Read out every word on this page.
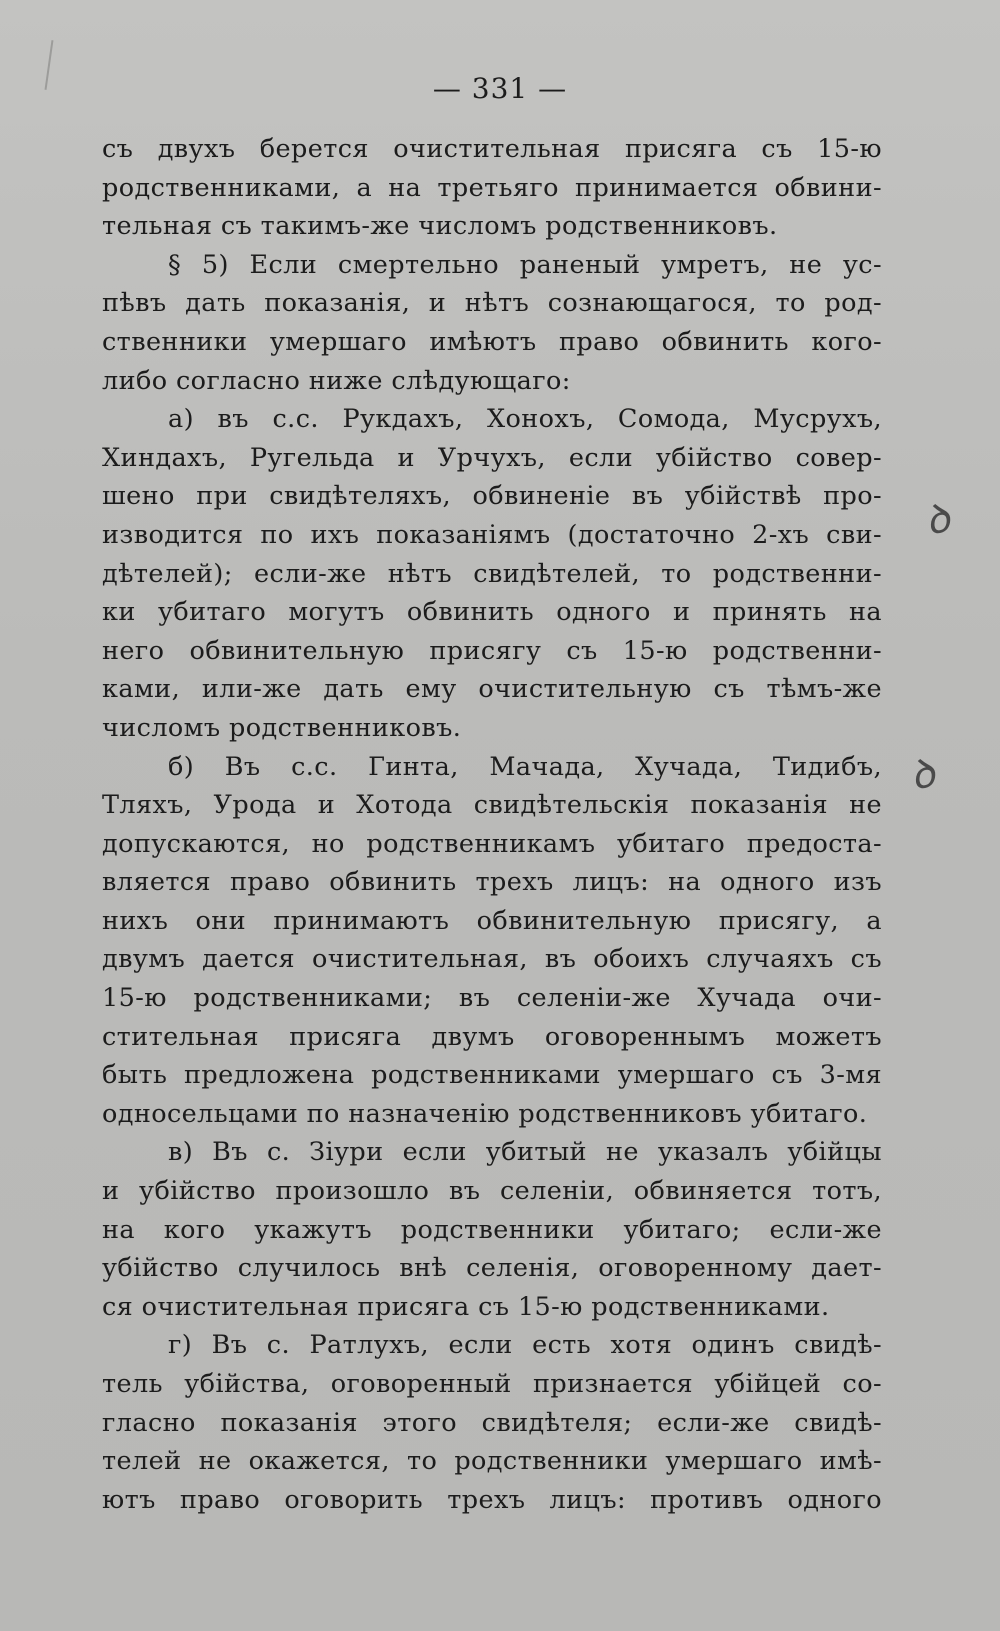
— 331 —
съ двухъ берется очистительная присяга съ 15-ю
родственниками, а на третьяго принимается обвини-
тельная съ такимъ-же числомъ родственниковъ.
§ 5) Если смертельно раненый умретъ, не ус-
пѣвъ дать показанія, и нѣтъ сознающагося, то род-
ственники умершаго имѣютъ право обвинить кого-
либо согласно ниже слѣдующаго:
а) въ с.с. Рукдахъ, Хонохъ, Сомода, Мусрухъ,
Хиндахъ, Ругельда и Урчухъ, если убійство совер-
шено при свидѣтеляхъ, обвиненіе въ убійствѣ про-
изводится по ихъ показаніямъ (достаточно 2-хъ сви-
дѣтелей); если-же нѣтъ свидѣтелей, то родственни-
ки убитаго могутъ обвинить одного и принять на
него обвинительную присягу съ 15-ю родственни-
ками, или-же дать ему очистительную съ тѣмъ-же
числомъ родственниковъ.
б) Въ с.с. Гинта, Мачада, Хучада, Тидибъ,
Тляхъ, Урода и Хотода свидѣтельскія показанія не
допускаются, но родственникамъ убитаго предоста-
вляется право обвинить трехъ лицъ: на одного изъ
нихъ они принимаютъ обвинительную присягу, а
двумъ дается очистительная, въ обоихъ случаяхъ съ
15-ю родственниками; въ селеніи-же Хучада очи-
стительная присяга двумъ оговореннымъ можетъ
быть предложена родственниками умершаго съ 3-мя
односельцами по назначенію родственниковъ убитаго.
в) Въ с. Зіури если убитый не указалъ убійцы
и убійство произошло въ селеніи, обвиняется тотъ,
на кого укажутъ родственники убитаго; если-же
убійство случилось внѣ селенія, оговоренному дает-
ся очистительная присяга съ 15-ю родственниками.
г) Въ с. Ратлухъ, если есть хотя одинъ свидѣ-
тель убійства, оговоренный признается убійцей со-
гласно показанія этого свидѣтеля; если-же свидѣ-
телей не окажется, то родственники умершаго имѣ-
ютъ право оговорить трехъ лицъ: противъ одного
ꝺ
ꝺ
